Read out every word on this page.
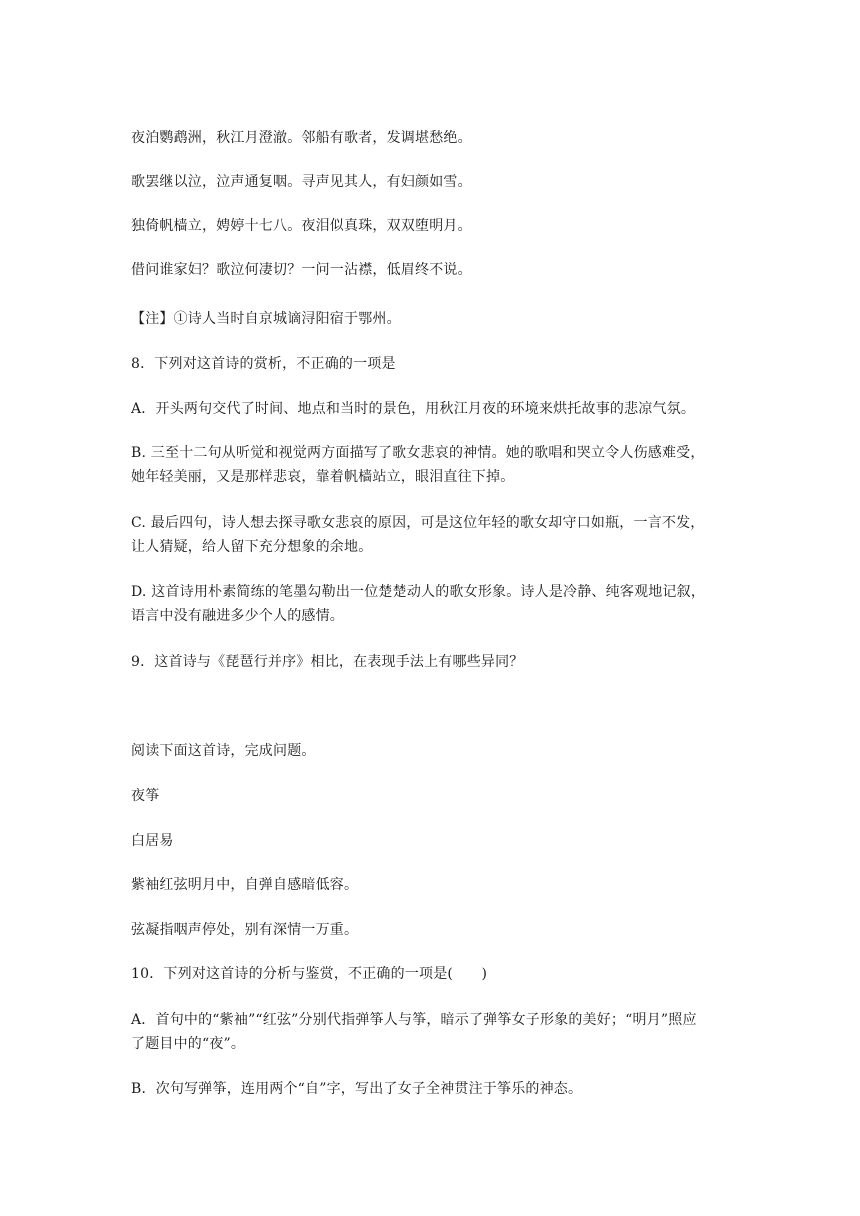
夜泊鹦鹉洲，秋江月澄澈。邻船有歌者，发调堪愁绝。
歌罢继以泣，泣声通复咽。寻声见其人，有妇颜如雪。
独倚帆樯立，娉婷十七八。夜泪似真珠，双双堕明月。
借问谁家妇？歌泣何凄切？一问一沾襟，低眉终不说。
【注】①诗人当时自京城谪浔阳宿于鄂州。
8．下列对这首诗的赏析，不正确的一项是
A．开头两句交代了时间、地点和当时的景色，用秋江月夜的环境来烘托故事的悲凉气氛。
B. 三至十二句从听觉和视觉两方面描写了歌女悲哀的神情。她的歌唱和哭立令人伤感难受，
她年轻美丽，又是那样悲哀，靠着帆樯站立，眼泪直往下掉。
C. 最后四句，诗人想去探寻歌女悲哀的原因，可是这位年轻的歌女却守口如瓶，一言不发，
让人猜疑，给人留下充分想象的余地。
D. 这首诗用朴素简练的笔墨勾勒出一位楚楚动人的歌女形象。诗人是冷静、纯客观地记叙，
语言中没有融进多少个人的感情。
9．这首诗与《琵琶行并序》相比，在表现手法上有哪些异同？
阅读下面这首诗，完成问题。
夜筝
白居易
紫袖红弦明月中，自弹自感暗低容。
弦凝指咽声停处，别有深情一万重。
10．下列对这首诗的分析与鉴赏，不正确的一项是(　　)
A．首句中的“紫袖”“红弦”分别代指弹筝人与筝，暗示了弹筝女子形象的美好；“明月”照应
了题目中的“夜”。
B．次句写弹筝，连用两个“自”字，写出了女子全神贯注于筝乐的神态。
